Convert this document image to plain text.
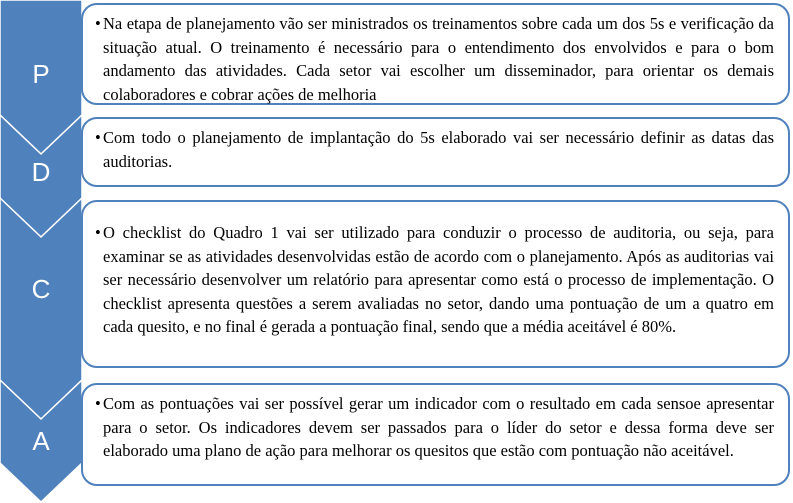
P
D
C
A
• Na etapa de planejamento vão ser ministrados os treinamentos sobre cada um dos 5s e verificação da situação atual. O treinamento é necessário para o entendimento dos envolvidos e para o bom andamento das atividades. Cada setor vai escolher um disseminador, para orientar os demais colaboradores e cobrar ações de melhoria
• Com todo o planejamento de implantação do 5s elaborado vai ser necessário definir as datas das auditorias.
• O checklist do Quadro 1 vai ser utilizado para conduzir o processo de auditoria, ou seja, para examinar se as atividades desenvolvidas estão de acordo com o planejamento. Após as auditorias vai ser necessário desenvolver um relatório para apresentar como está o processo de implementação. O checklist apresenta questões a serem avaliadas no setor, dando uma pontuação de um a quatro em cada quesito, e no final é gerada a pontuação final, sendo que a média aceitável é 80%.
• Com as pontuações vai ser possível gerar um indicador com o resultado em cada sensoe apresentar para o setor. Os indicadores devem ser passados para o líder do setor e dessa forma deve ser elaborado uma plano de ação para melhorar os quesitos que estão com pontuação não aceitável.
